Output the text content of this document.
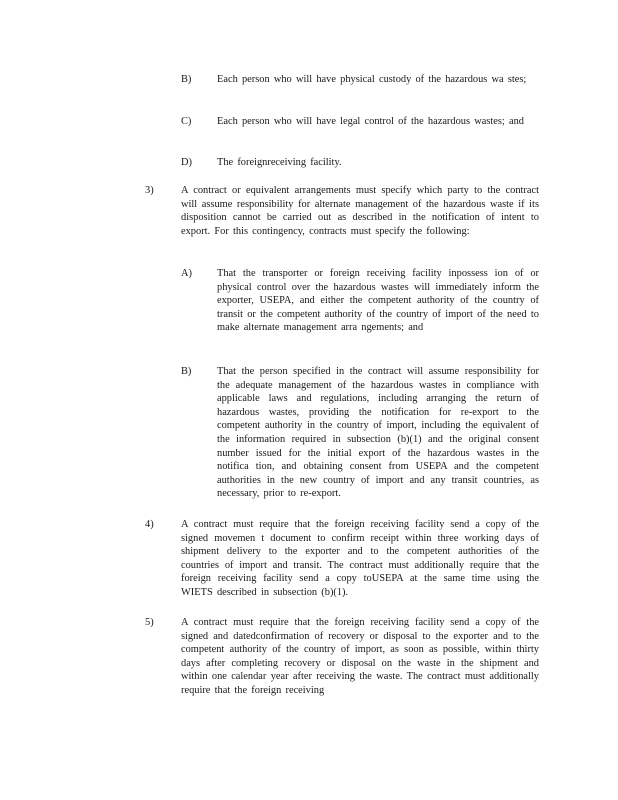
B) Each person who will have physical custody of the hazardous wa stes;
C) Each person who will have legal control of the hazardous wastes; and
D) The foreignreceiving facility.
3)	A contract or equivalent arrangements must specify which party to the contract will assume responsibility for alternate management of the hazardous waste if its disposition cannot be carried out as described in the notification of intent to export. For this contingency, contracts must specify the following:
A) That the transporter or foreign receiving facility inpossess ion of or physical control over the hazardous wastes will immediately inform the exporter, USEPA, and either the competent authority of the country of transit or the competent authority of the country of import of the need to make alternate management arra ngements; and
B) That the person specified in the contract will assume responsibility for the adequate management of the hazardous wastes in compliance with applicable laws and regulations, including arranging the return of hazardous wastes, providing the notification for re-export to the competent authority in the country of import, including the equivalent of the information required in subsection (b)(1) and the original consent number issued for the initial export of the hazardous wastes in the notifica tion, and obtaining consent from USEPA and the competent authorities in the new country of import and any transit countries, as necessary, prior to re-export.
4)	A contract must require that the foreign receiving facility send a copy of the signed movemen t document to confirm receipt within three working days of shipment delivery to the exporter and to the competent authorities of the countries of import and transit. The contract must additionally require that the foreign receiving facility send a copy toUSEPA at the same time using the WIETS described in subsection (b)(1).
5)	A contract must require that the foreign receiving facility send a copy of the signed and datedconfirmation of recovery or disposal to the exporter and to the competent authority of the country of import, as soon as possible, within thirty days after completing recovery or disposal on the waste in the shipment and within one calendar year after receiving the waste. The contract must additionally require that the foreign receiving
